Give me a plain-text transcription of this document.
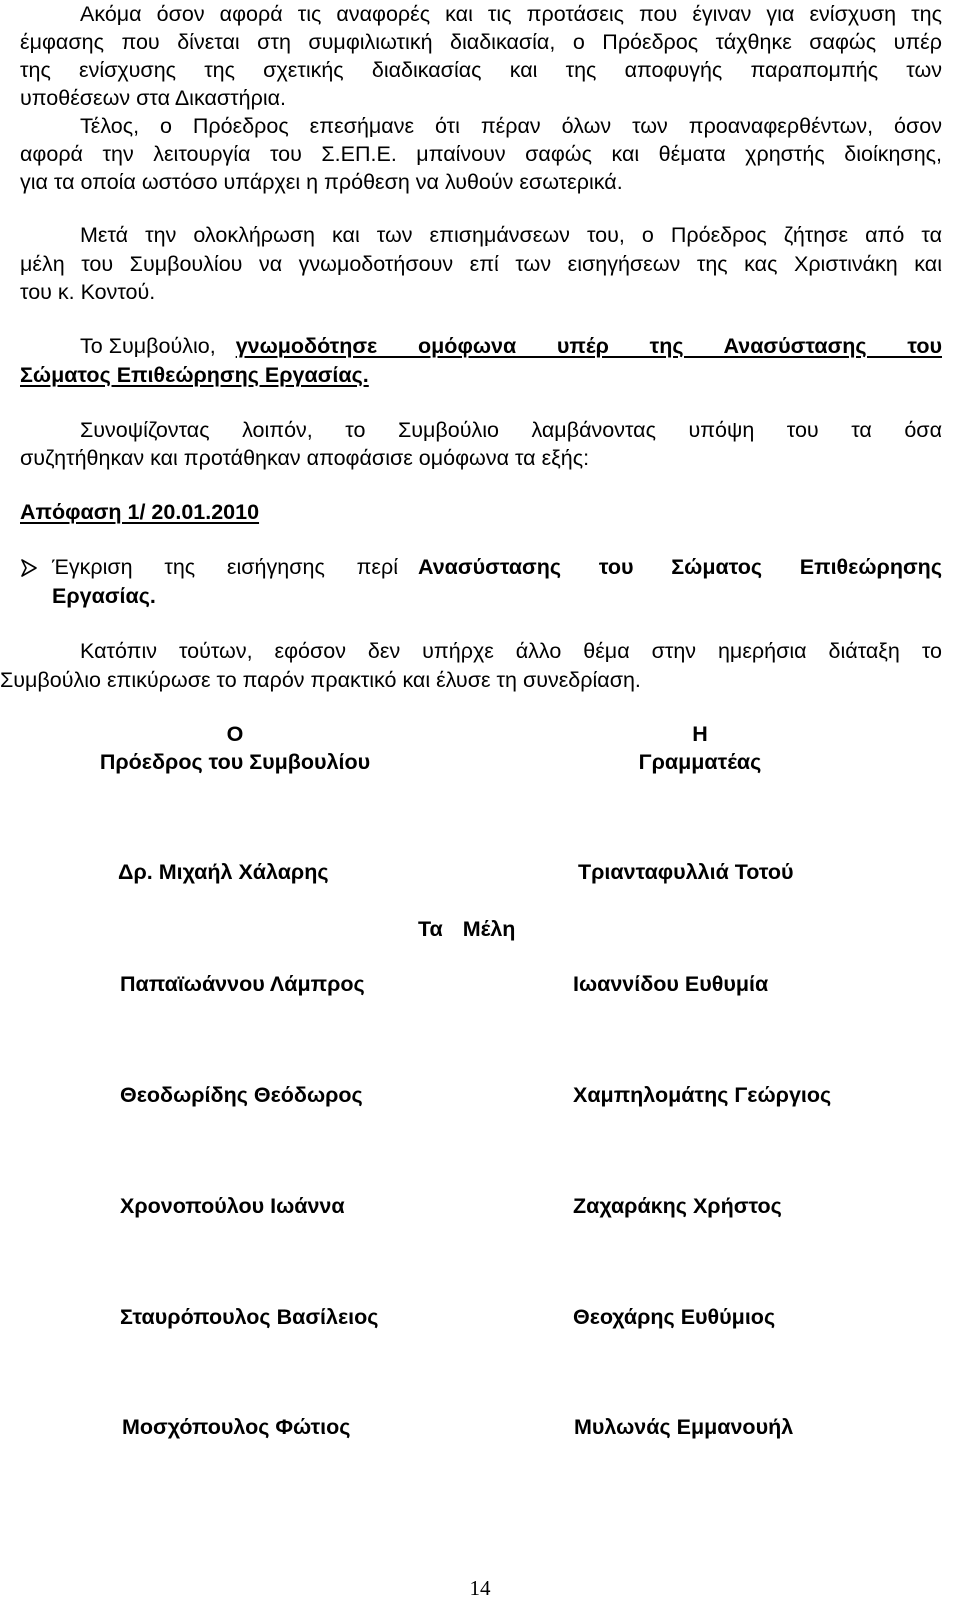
Ακόμα όσον αφορά τις αναφορές και τις προτάσεις που έγιναν για ενίσχυση της
έμφασης που δίνεται στη συμφιλιωτική διαδικασία, ο Πρόεδρος τάχθηκε σαφώς υπέρ
της ενίσχυσης της σχετικής διαδικασίας και της αποφυγής παραπομπής των
υποθέσεων στα Δικαστήρια.
Τέλος, ο Πρόεδρος επεσήμανε ότι πέραν όλων των προαναφερθέντων, όσον
αφορά την λειτουργία του Σ.ΕΠ.Ε. μπαίνουν σαφώς και θέματα χρηστής διοίκησης,
για τα οποία ωστόσο υπάρχει η πρόθεση να λυθούν εσωτερικά.
Μετά την ολοκλήρωση και των επισημάνσεων του, ο Πρόεδρος ζήτησε από τα
μέλη του Συμβουλίου να γνωμοδοτήσουν επί των εισηγήσεων της κας Χριστινάκη και
του κ. Κοντού.
Το Συμβούλιο, γνωμοδότησε ομόφωνα υπέρ της Ανασύστασης του
Σώματος Επιθεώρησης Εργασίας.
Συνοψίζοντας λοιπόν, το Συμβούλιο λαμβάνοντας υπόψη του τα όσα
συζητήθηκαν και προτάθηκαν αποφάσισε ομόφωνα τα εξής:
Απόφαση 1/ 20.01.2010
Έγκριση της εισήγησης περί Ανασύστασης του Σώματος Επιθεώρησης
Εργασίας.
Κατόπιν τούτων, εφόσον δεν υπήρχε άλλο θέμα στην ημερήσια διάταξη το
Συμβούλιο επικύρωσε το παρόν πρακτικό και έλυσε τη συνεδρίαση.
Ο
Πρόεδρος του Συμβουλίου
Η
Γραμματέας
Δρ. Μιχαήλ Χάλαρης	Τριανταφυλλιά Τοτού
Τα Μέλη
Παπαϊωάννου Λάμπρος	Ιωαννίδου Ευθυμία
Θεοδωρίδης Θεόδωρος	Χαμπηλομάτης Γεώργιος
Χρονοπούλου Ιωάννα	Ζαχαράκης Χρήστος
Σταυρόπουλος Βασίλειος	Θεοχάρης Ευθύμιος
Μοσχόπουλος Φώτιος	Μυλωνάς Εμμανουήλ
14
